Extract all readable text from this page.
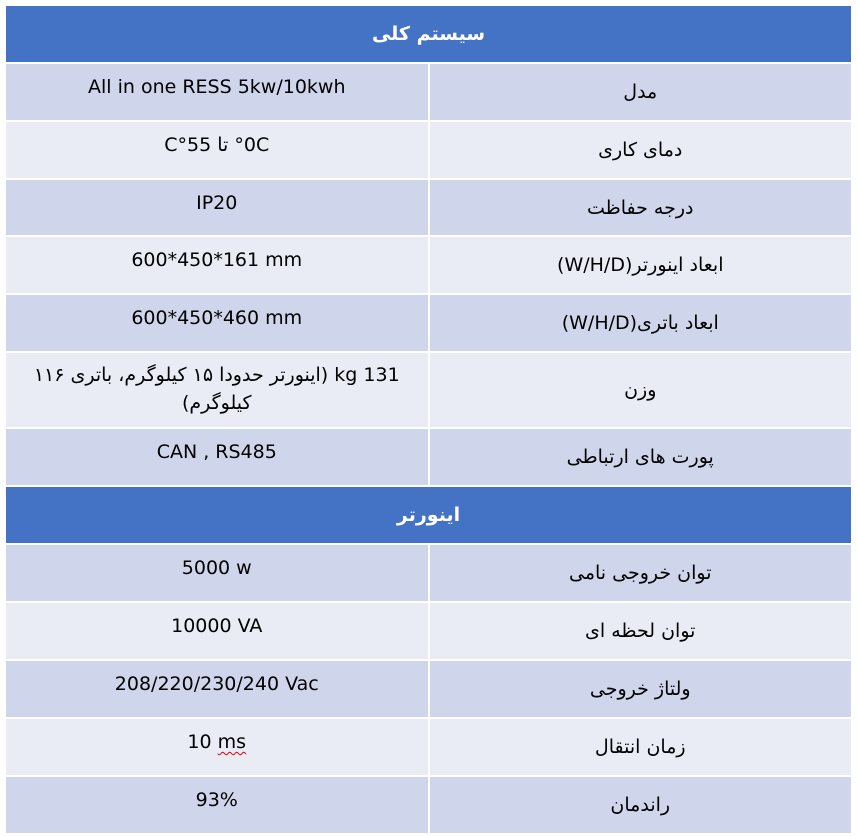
سیستم کلی	
All in one RESS 5kw/10kwh	مدل
0C° تا 55°C	دمای کاری
IP20	درجه حفاظت
600*450*161 mm	ابعاد اینورتر(W/H/D)
600*450*460 mm	ابعاد باتری(W/H/D)
131 kg (اینورتر حدودا ۱۵ کیلوگرم، باتری ۱۱۶ کیلوگرم)	وزن
CAN , RS485	پورت های ارتباطی
اینورتر	
5000 w	توان خروجی نامی
10000 VA	توان لحظه ای
208/220/230/240 Vac	ولتاژ خروجی
10 ms	زمان انتقال
93%	راندمان
